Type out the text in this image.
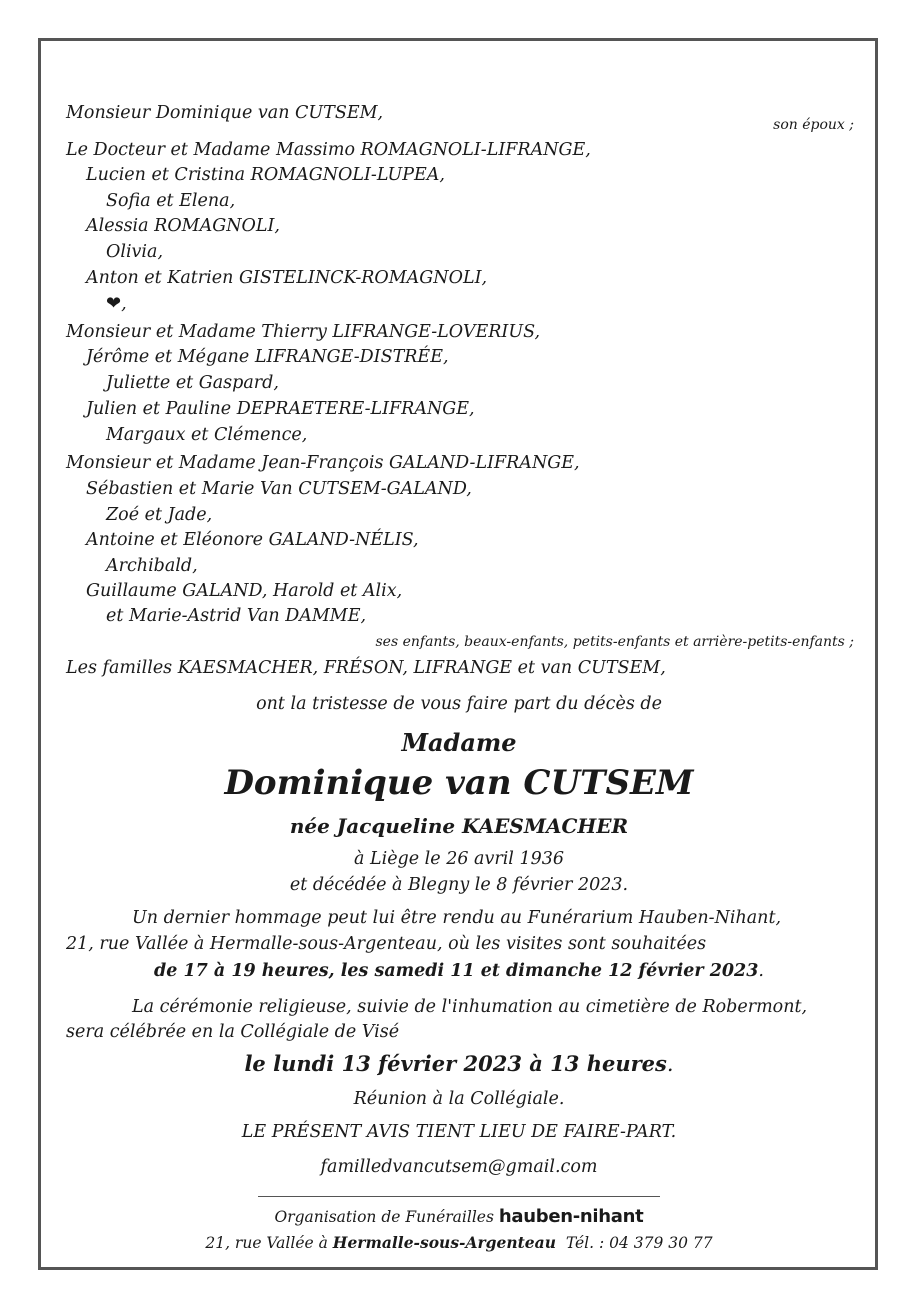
Monsieur Dominique van CUTSEM,
son époux ;
Le Docteur et Madame Massimo ROMAGNOLI-LIFRANGE,
Lucien et Cristina ROMAGNOLI-LUPEA,
Sofia et Elena,
Alessia ROMAGNOLI,
Olivia,
Anton et Katrien GISTELINCK-ROMAGNOLI,
❤,
Monsieur et Madame Thierry LIFRANGE-LOVERIUS,
Jérôme et Mégane LIFRANGE-DISTRÉE,
Juliette et Gaspard,
Julien et Pauline DEPRAETERE-LIFRANGE,
Margaux et Clémence,
Monsieur et Madame Jean-François GALAND-LIFRANGE,
Sébastien et Marie Van CUTSEM-GALAND,
Zoé et Jade,
Antoine et Eléonore GALAND-NÉLIS,
Archibald,
Guillaume GALAND, Harold et Alix,
et Marie-Astrid Van DAMME,
ses enfants, beaux-enfants, petits-enfants et arrière-petits-enfants ;
Les familles KAESMACHER, FRÉSON, LIFRANGE et van CUTSEM,
ont la tristesse de vous faire part du décès de
Madame
Dominique van CUTSEM
née Jacqueline KAESMACHER
à Liège le 26 avril 1936
et décédée à Blegny le 8 février 2023.
Un dernier hommage peut lui être rendu au Funérarium Hauben-Nihant,
21, rue Vallée à Hermalle-sous-Argenteau, où les visites sont souhaitées
de 17 à 19 heures, les samedi 11 et dimanche 12 février 2023.
La cérémonie religieuse, suivie de l'inhumation au cimetière de Robermont,
sera célébrée en la Collégiale de Visé
le lundi 13 février 2023 à 13 heures.
Réunion à la Collégiale.
LE PRÉSENT AVIS TIENT LIEU DE FAIRE-PART.
familledvancutsem@gmail.com
Organisation de Funérailles hauben-nihant
21, rue Vallée à Hermalle-sous-Argenteau Tél. : 04 379 30 77
